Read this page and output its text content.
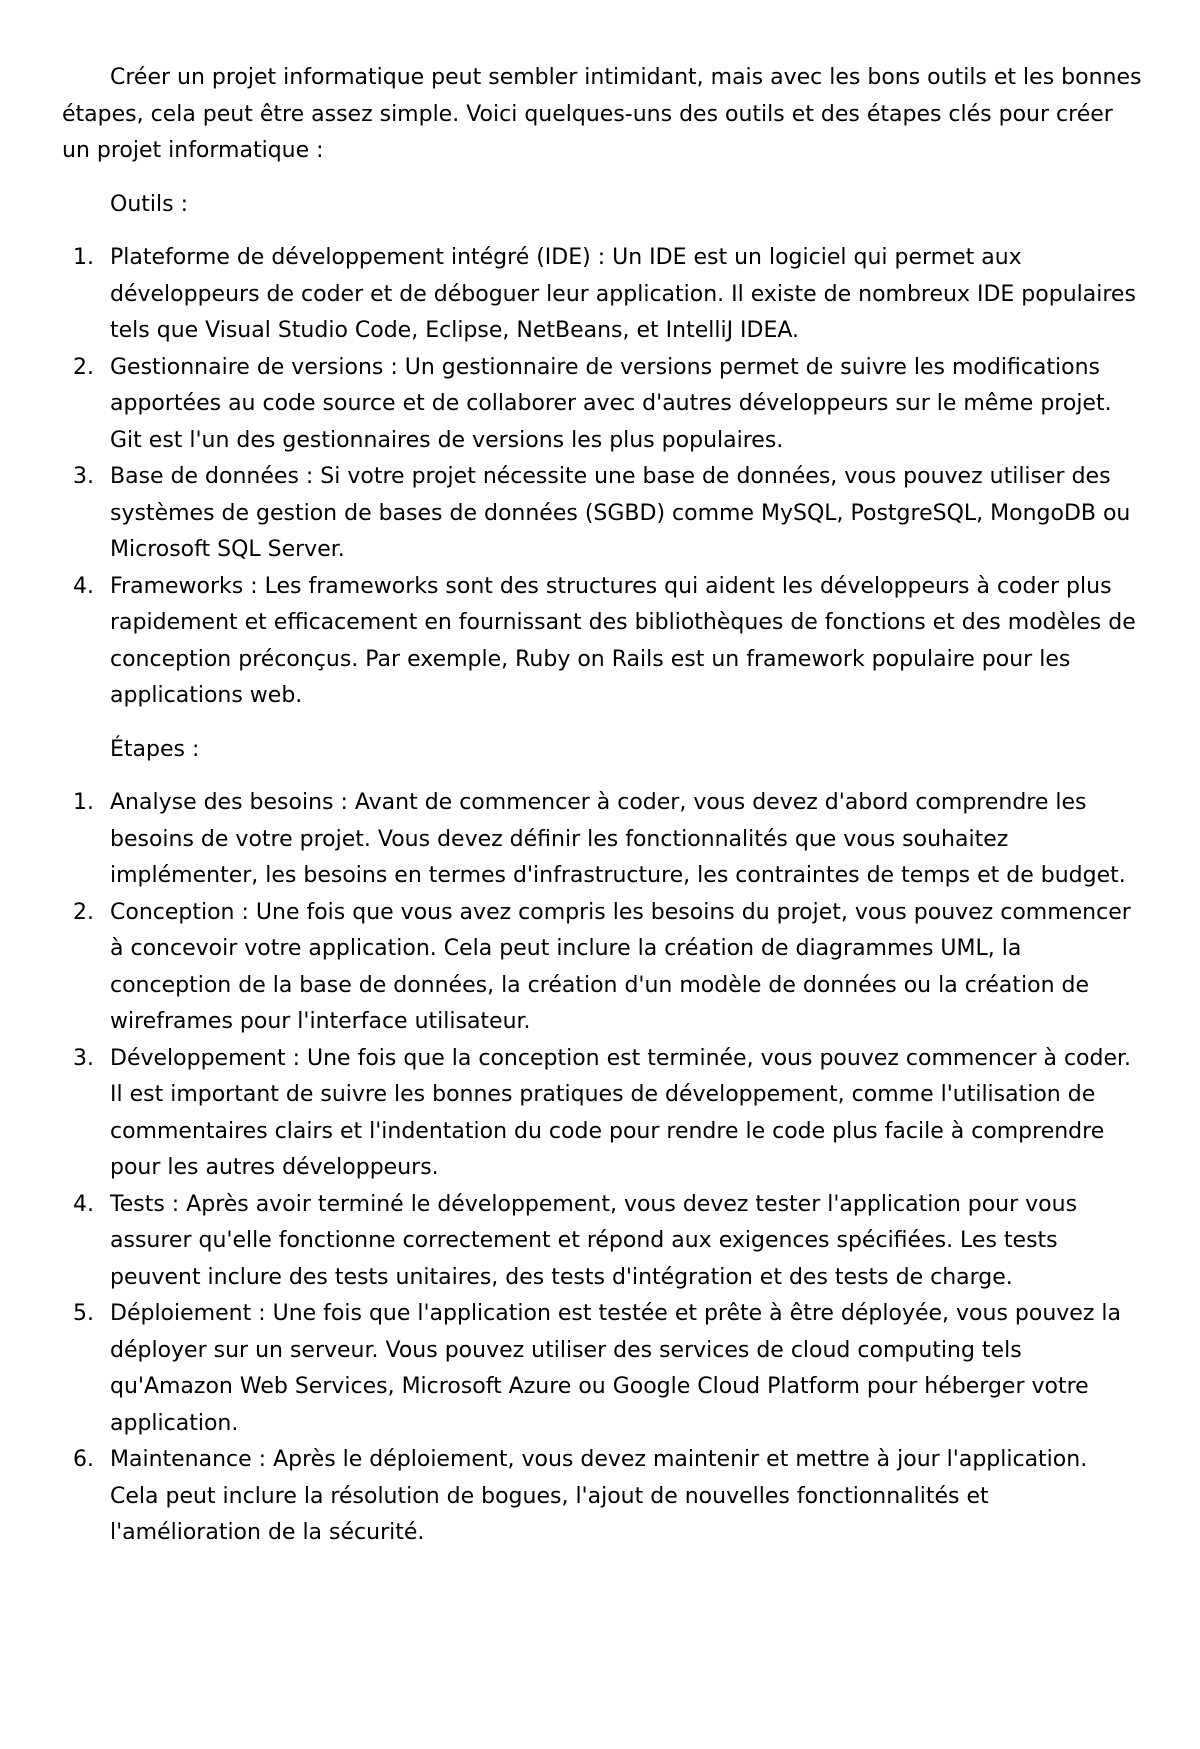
Créer un projet informatique peut sembler intimidant, mais avec les bons outils et les bonnes étapes, cela peut être assez simple. Voici quelques-uns des outils et des étapes clés pour créer un projet informatique :

Outils :

1. Plateforme de développement intégré (IDE) : Un IDE est un logiciel qui permet aux développeurs de coder et de déboguer leur application. Il existe de nombreux IDE populaires tels que Visual Studio Code, Eclipse, NetBeans, et IntelliJ IDEA.
2. Gestionnaire de versions : Un gestionnaire de versions permet de suivre les modifications apportées au code source et de collaborer avec d'autres développeurs sur le même projet. Git est l'un des gestionnaires de versions les plus populaires.
3. Base de données : Si votre projet nécessite une base de données, vous pouvez utiliser des systèmes de gestion de bases de données (SGBD) comme MySQL, PostgreSQL, MongoDB ou Microsoft SQL Server.
4. Frameworks : Les frameworks sont des structures qui aident les développeurs à coder plus rapidement et efficacement en fournissant des bibliothèques de fonctions et des modèles de conception préconçus. Par exemple, Ruby on Rails est un framework populaire pour les applications web.

Étapes :

1. Analyse des besoins : Avant de commencer à coder, vous devez d'abord comprendre les besoins de votre projet. Vous devez définir les fonctionnalités que vous souhaitez implémenter, les besoins en termes d'infrastructure, les contraintes de temps et de budget.
2. Conception : Une fois que vous avez compris les besoins du projet, vous pouvez commencer à concevoir votre application. Cela peut inclure la création de diagrammes UML, la conception de la base de données, la création d'un modèle de données ou la création de wireframes pour l'interface utilisateur.
3. Développement : Une fois que la conception est terminée, vous pouvez commencer à coder. Il est important de suivre les bonnes pratiques de développement, comme l'utilisation de commentaires clairs et l'indentation du code pour rendre le code plus facile à comprendre pour les autres développeurs.
4. Tests : Après avoir terminé le développement, vous devez tester l'application pour vous assurer qu'elle fonctionne correctement et répond aux exigences spécifiées. Les tests peuvent inclure des tests unitaires, des tests d'intégration et des tests de charge.
5. Déploiement : Une fois que l'application est testée et prête à être déployée, vous pouvez la déployer sur un serveur. Vous pouvez utiliser des services de cloud computing tels qu'Amazon Web Services, Microsoft Azure ou Google Cloud Platform pour héberger votre application.
6. Maintenance : Après le déploiement, vous devez maintenir et mettre à jour l'application. Cela peut inclure la résolution de bogues, l'ajout de nouvelles fonctionnalités et l'amélioration de la sécurité.
